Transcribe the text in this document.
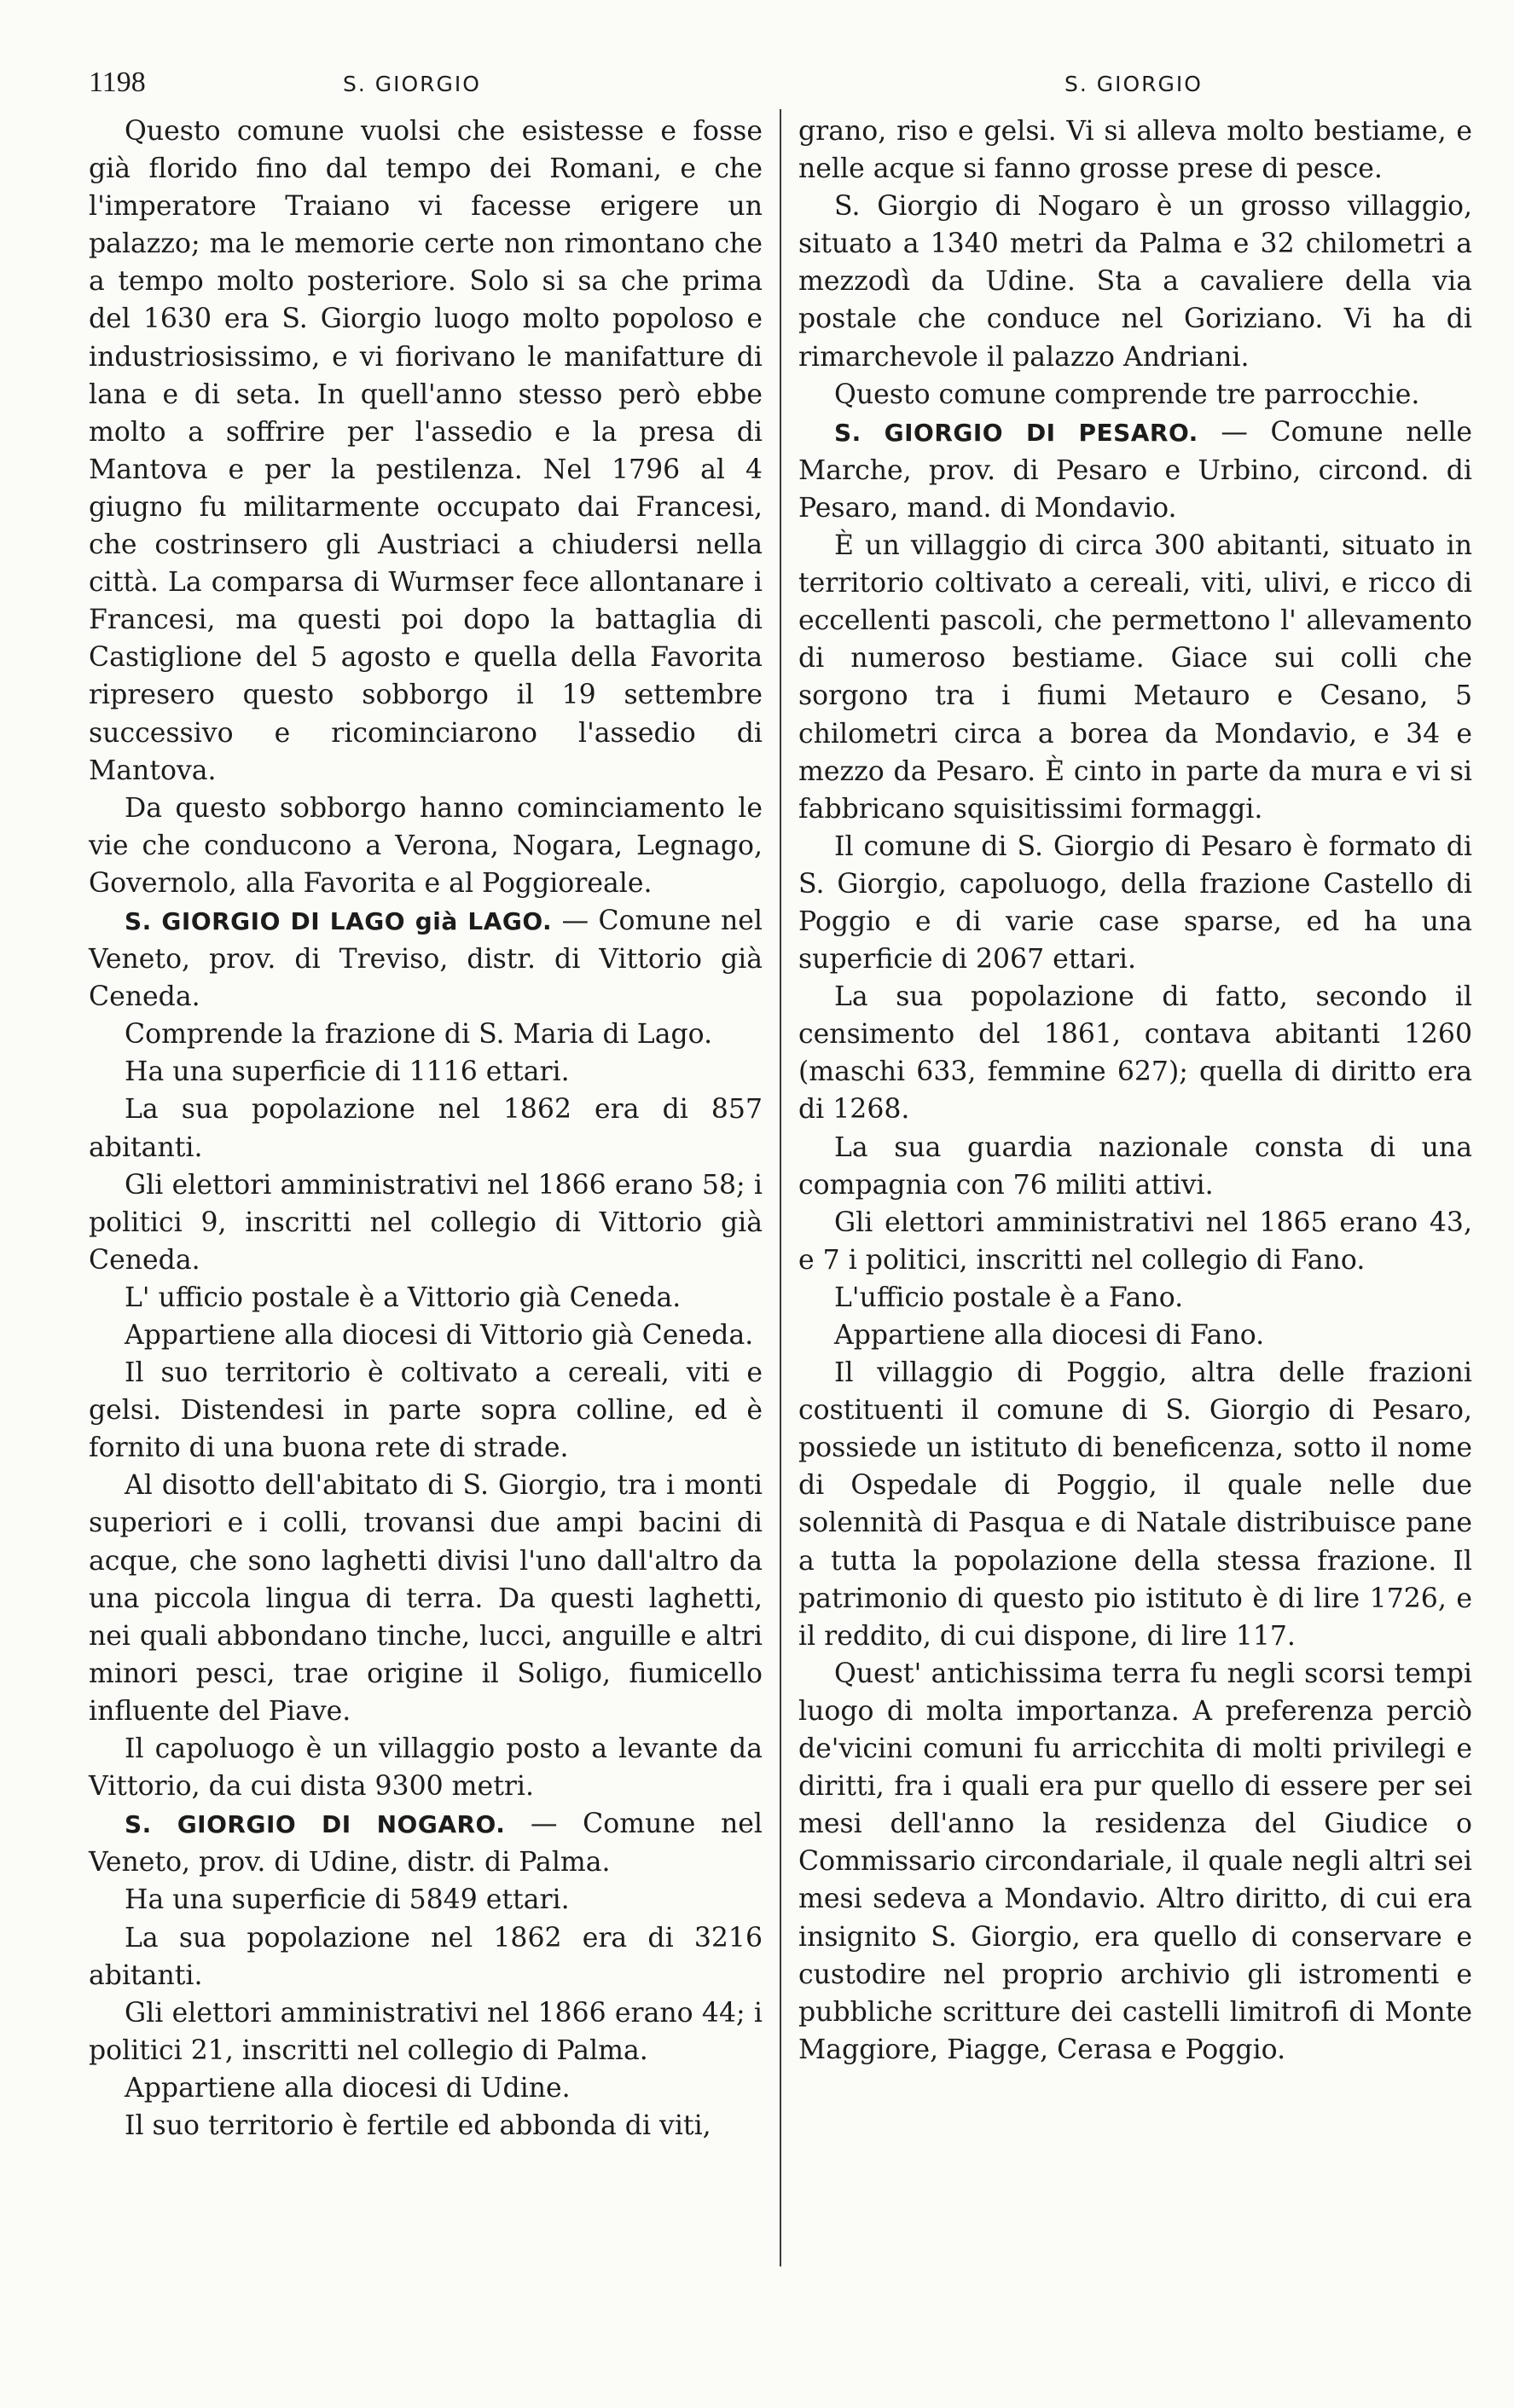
1198	S. GIORGIO	S. GIORGIO

Questo comune vuolsi che esistesse e fosse già florido fino dal tempo dei Romani, e che l'imperatore Traiano vi facesse erigere un palazzo; ma le memorie certe non rimontano che a tempo molto posteriore. Solo si sa che prima del 1630 era S. Giorgio luogo molto popoloso e industriosissimo, e vi fiorivano le manifatture di lana e di seta. In quell'anno stesso però ebbe molto a soffrire per l'assedio e la presa di Mantova e per la pestilenza. Nel 1796 al 4 giugno fu militarmente occupato dai Francesi, che costrinsero gli Austriaci a chiudersi nella città. La comparsa di Wurmser fece allontanare i Francesi, ma questi poi dopo la battaglia di Castiglione del 5 agosto e quella della Favorita ripresero questo sobborgo il 19 settembre successivo e ricominciarono l'assedio di Mantova.

Da questo sobborgo hanno cominciamento le vie che conducono a Verona, Nogara, Legnago, Governolo, alla Favorita e al Poggioreale.

S. GIORGIO DI LAGO già LAGO. — Comune nel Veneto, prov. di Treviso, distr. di Vittorio già Ceneda.

Comprende la frazione di S. Maria di Lago.

Ha una superficie di 1116 ettari.

La sua popolazione nel 1862 era di 857 abitanti.

Gli elettori amministrativi nel 1866 erano 58; i politici 9, inscritti nel collegio di Vittorio già Ceneda.

L' ufficio postale è a Vittorio già Ceneda.

Appartiene alla diocesi di Vittorio già Ceneda.

Il suo territorio è coltivato a cereali, viti e gelsi. Distendesi in parte sopra colline, ed è fornito di una buona rete di strade.

Al disotto dell'abitato di S. Giorgio, tra i monti superiori e i colli, trovansi due ampi bacini di acque, che sono laghetti divisi l'uno dall'altro da una piccola lingua di terra. Da questi laghetti, nei quali abbondano tinche, lucci, anguille e altri minori pesci, trae origine il Soligo, fiumicello influente del Piave.

Il capoluogo è un villaggio posto a levante da Vittorio, da cui dista 9300 metri.

S. GIORGIO DI NOGARO. — Comune nel Veneto, prov. di Udine, distr. di Palma.

Ha una superficie di 5849 ettari.

La sua popolazione nel 1862 era di 3216 abitanti.

Gli elettori amministrativi nel 1866 erano 44; i politici 21, inscritti nel collegio di Palma.

Appartiene alla diocesi di Udine.

Il suo territorio è fertile ed abbonda di viti,

grano, riso e gelsi. Vi si alleva molto bestiame, e nelle acque si fanno grosse prese di pesce.

S. Giorgio di Nogaro è un grosso villaggio, situato a 1340 metri da Palma e 32 chilometri a mezzodì da Udine. Sta a cavaliere della via postale che conduce nel Goriziano. Vi ha di rimarchevole il palazzo Andriani.

Questo comune comprende tre parrocchie.

S. GIORGIO DI PESARO. — Comune nelle Marche, prov. di Pesaro e Urbino, circond. di Pesaro, mand. di Mondavio.

È un villaggio di circa 300 abitanti, situato in territorio coltivato a cereali, viti, ulivi, e ricco di eccellenti pascoli, che permettono l' allevamento di numeroso bestiame. Giace sui colli che sorgono tra i fiumi Metauro e Cesano, 5 chilometri circa a borea da Mondavio, e 34 e mezzo da Pesaro. È cinto in parte da mura e vi si fabbricano squisitissimi formaggi.

Il comune di S. Giorgio di Pesaro è formato di S. Giorgio, capoluogo, della frazione Castello di Poggio e di varie case sparse, ed ha una superficie di 2067 ettari.

La sua popolazione di fatto, secondo il censimento del 1861, contava abitanti 1260 (maschi 633, femmine 627); quella di diritto era di 1268.

La sua guardia nazionale consta di una compagnia con 76 militi attivi.

Gli elettori amministrativi nel 1865 erano 43, e 7 i politici, inscritti nel collegio di Fano.

L'ufficio postale è a Fano.

Appartiene alla diocesi di Fano.

Il villaggio di Poggio, altra delle frazioni costituenti il comune di S. Giorgio di Pesaro, possiede un istituto di beneficenza, sotto il nome di Ospedale di Poggio, il quale nelle due solennità di Pasqua e di Natale distribuisce pane a tutta la popolazione della stessa frazione. Il patrimonio di questo pio istituto è di lire 1726, e il reddito, di cui dispone, di lire 117.

Quest' antichissima terra fu negli scorsi tempi luogo di molta importanza. A preferenza perciò de'vicini comuni fu arricchita di molti privilegi e diritti, fra i quali era pur quello di essere per sei mesi dell'anno la residenza del Giudice o Commissario circondariale, il quale negli altri sei mesi sedeva a Mondavio. Altro diritto, di cui era insignito S. Giorgio, era quello di conservare e custodire nel proprio archivio gli istromenti e pubbliche scritture dei castelli limitrofi di Monte Maggiore, Piagge, Cerasa e Poggio.
